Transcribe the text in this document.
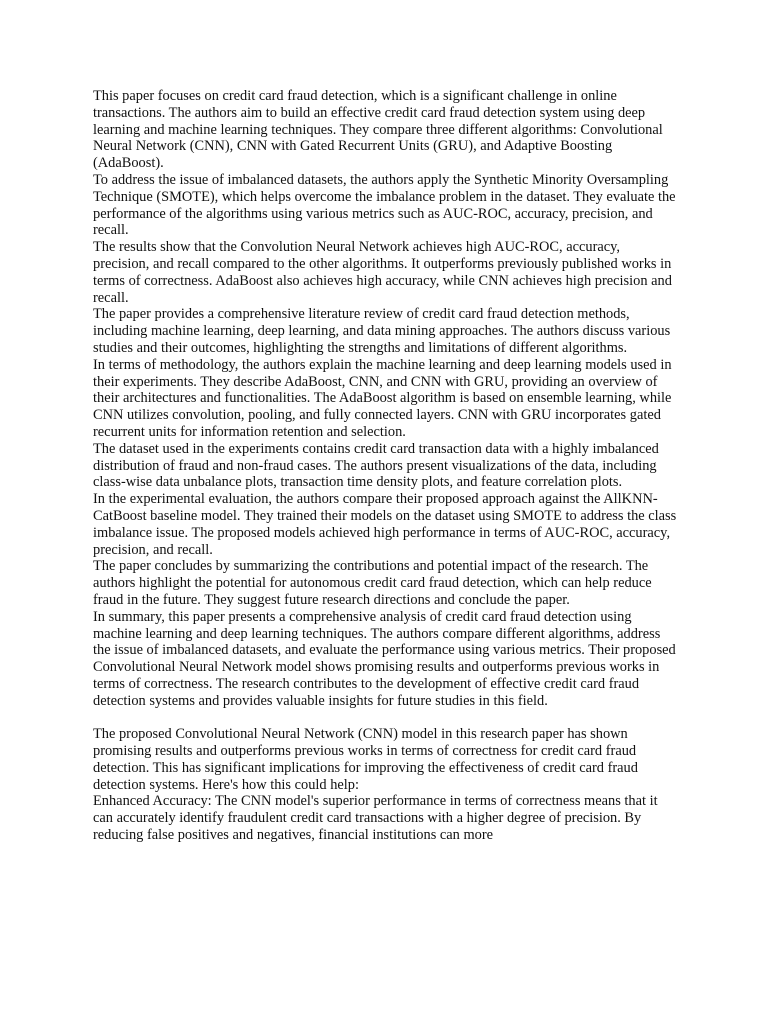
This paper focuses on credit card fraud detection, which is a significant challenge in online transactions. The authors aim to build an effective credit card fraud detection system using deep learning and machine learning techniques. They compare three different algorithms: Convolutional Neural Network (CNN), CNN with Gated Recurrent Units (GRU), and Adaptive Boosting (AdaBoost).

To address the issue of imbalanced datasets, the authors apply the Synthetic Minority Oversampling Technique (SMOTE), which helps overcome the imbalance problem in the dataset. They evaluate the performance of the algorithms using various metrics such as AUC-ROC, accuracy, precision, and recall.

The results show that the Convolution Neural Network achieves high AUC-ROC, accuracy, precision, and recall compared to the other algorithms. It outperforms previously published works in terms of correctness. AdaBoost also achieves high accuracy, while CNN achieves high precision and recall.

The paper provides a comprehensive literature review of credit card fraud detection methods, including machine learning, deep learning, and data mining approaches. The authors discuss various studies and their outcomes, highlighting the strengths and limitations of different algorithms.

In terms of methodology, the authors explain the machine learning and deep learning models used in their experiments. They describe AdaBoost, CNN, and CNN with GRU, providing an overview of their architectures and functionalities. The AdaBoost algorithm is based on ensemble learning, while CNN utilizes convolution, pooling, and fully connected layers. CNN with GRU incorporates gated recurrent units for information retention and selection.

The dataset used in the experiments contains credit card transaction data with a highly imbalanced distribution of fraud and non-fraud cases. The authors present visualizations of the data, including class-wise data unbalance plots, transaction time density plots, and feature correlation plots.

In the experimental evaluation, the authors compare their proposed approach against the AllKNN-CatBoost baseline model. They trained their models on the dataset using SMOTE to address the class imbalance issue. The proposed models achieved high performance in terms of AUC-ROC, accuracy, precision, and recall.

The paper concludes by summarizing the contributions and potential impact of the research. The authors highlight the potential for autonomous credit card fraud detection, which can help reduce fraud in the future. They suggest future research directions and conclude the paper.

In summary, this paper presents a comprehensive analysis of credit card fraud detection using machine learning and deep learning techniques. The authors compare different algorithms, address the issue of imbalanced datasets, and evaluate the performance using various metrics. Their proposed Convolutional Neural Network model shows promising results and outperforms previous works in terms of correctness. The research contributes to the development of effective credit card fraud detection systems and provides valuable insights for future studies in this field.

The proposed Convolutional Neural Network (CNN) model in this research paper has shown promising results and outperforms previous works in terms of correctness for credit card fraud detection. This has significant implications for improving the effectiveness of credit card fraud detection systems. Here's how this could help:

Enhanced Accuracy: The CNN model's superior performance in terms of correctness means that it can accurately identify fraudulent credit card transactions with a higher degree of precision. By reducing false positives and negatives, financial institutions can more
